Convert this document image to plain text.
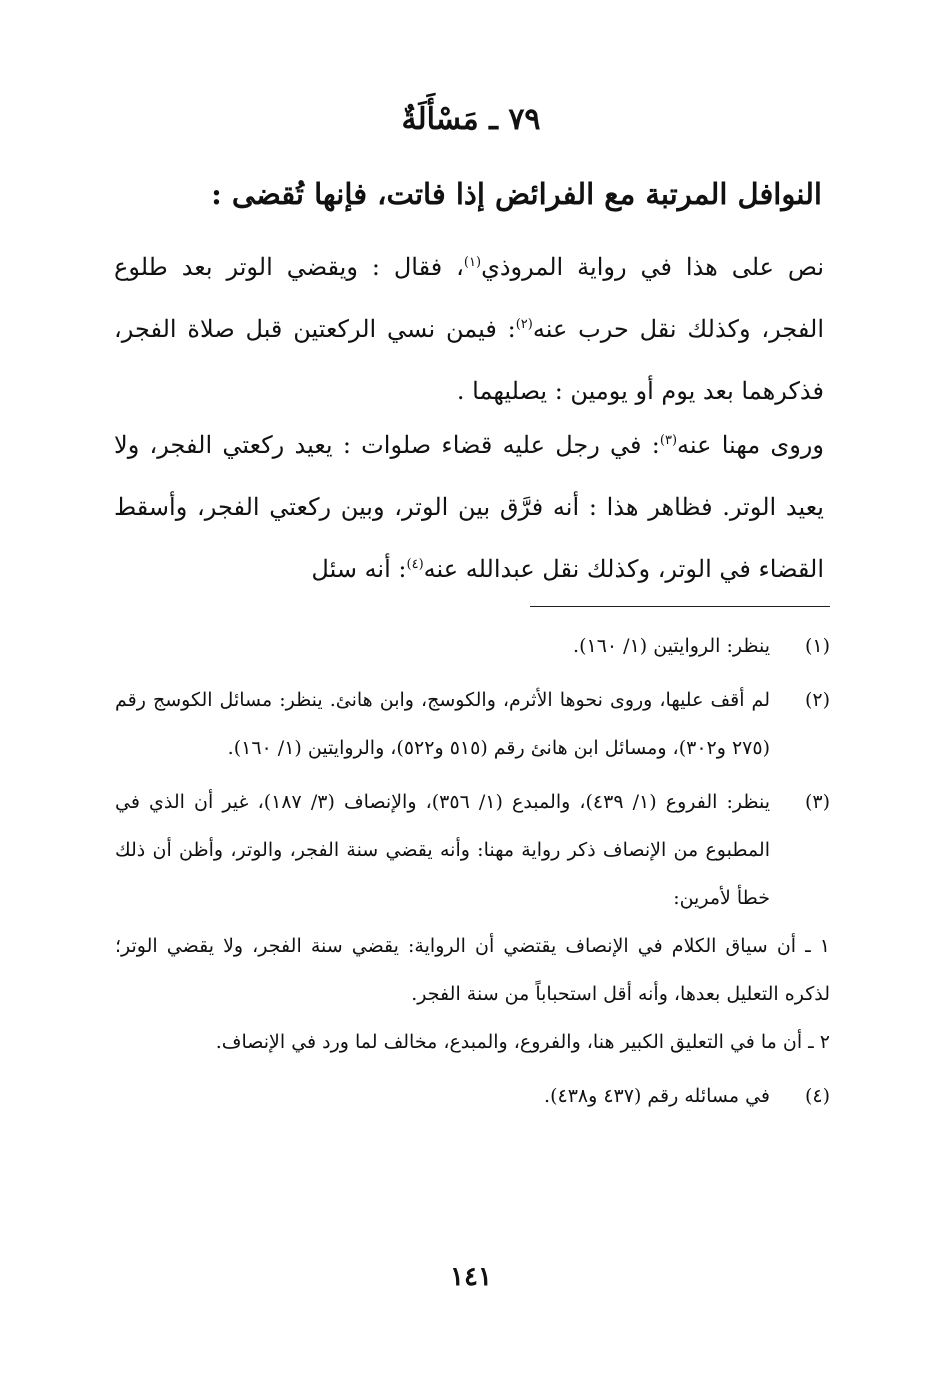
٧٩ ـ مَسْأَلَةٌ
النوافل المرتبة مع الفرائض إذا فاتت، فإنها تُقضى :
نص على هذا في رواية المروذي$^{(١)}$، فقال : ويقضي الوتر بعد طلوع الفجر، وكذلك نقل حرب عنه$^{(٢)}$: فيمن نسي الركعتين قبل صلاة الفجر، فذكرهما بعد يوم أو يومين : يصليهما .
وروى مهنا عنه$^{(٣)}$: في رجل عليه قضاء صلوات : يعيد ركعتي الفجر، ولا يعيد الوتر. فظاهر هذا : أنه فرَّق بين الوتر، وبين ركعتي الفجر، وأسقط القضاء في الوتر، وكذلك نقل عبدالله عنه$^{(٤)}$: أنه سئل
(١)
ينظر: الروايتين (١/ ١٦٠).
(٢)
لم أقف عليها، وروى نحوها الأثرم، والكوسج، وابن هانئ. ينظر: مسائل الكوسج رقم (٢٧٥ و٣٠٢)، ومسائل ابن هانئ رقم (٥١٥ و٥٢٢)، والروايتين (١/ ١٦٠).
(٣)
ينظر: الفروع (١/ ٤٣٩)، والمبدع (١/ ٣٥٦)، والإنصاف (٣/ ١٨٧)، غير أن الذي في المطبوع من الإنصاف ذكر رواية مهنا: وأنه يقضي سنة الفجر، والوتر، وأظن أن ذلك خطأ لأمرين:
١ ـ أن سياق الكلام في الإنصاف يقتضي أن الرواية: يقضي سنة الفجر، ولا يقضي الوتر؛ لذكره التعليل بعدها، وأنه أقل استحباباً من سنة الفجر.
٢ ـ أن ما في التعليق الكبير هنا، والفروع، والمبدع، مخالف لما ورد في الإنصاف.
(٤)
في مسائله رقم (٤٣٧ و٤٣٨).
١٤١
